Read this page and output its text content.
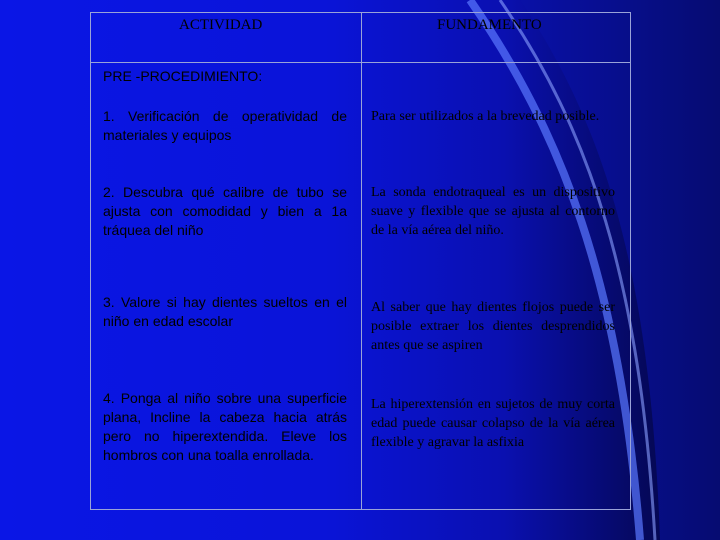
ACTIVIDAD	FUNDAMENTO
PRE -PROCEDIMIENTO:
1. Verificación de operatividad de materiales y equipos
Para ser utilizados a la brevedad posible.
2. Descubra qué calibre de tubo se ajusta con comodidad y bien a 1a tráquea del niño
La sonda endotraqueal es un dispositivo suave y flexible que se ajusta al contorno de la vía aérea del niño.
3. Valore si hay dientes sueltos en el niño en edad escolar
Al saber que hay dientes flojos puede ser posible extraer los dientes desprendidos antes que se aspiren
4. Ponga al niño sobre una superficie plana, Incline la cabeza hacia atrás pero no hiperextendida. Eleve los hombros con una toalla enrollada.
La hiperextensión en sujetos de muy corta edad puede causar colapso de la vía aérea flexible y agravar la asfixia
